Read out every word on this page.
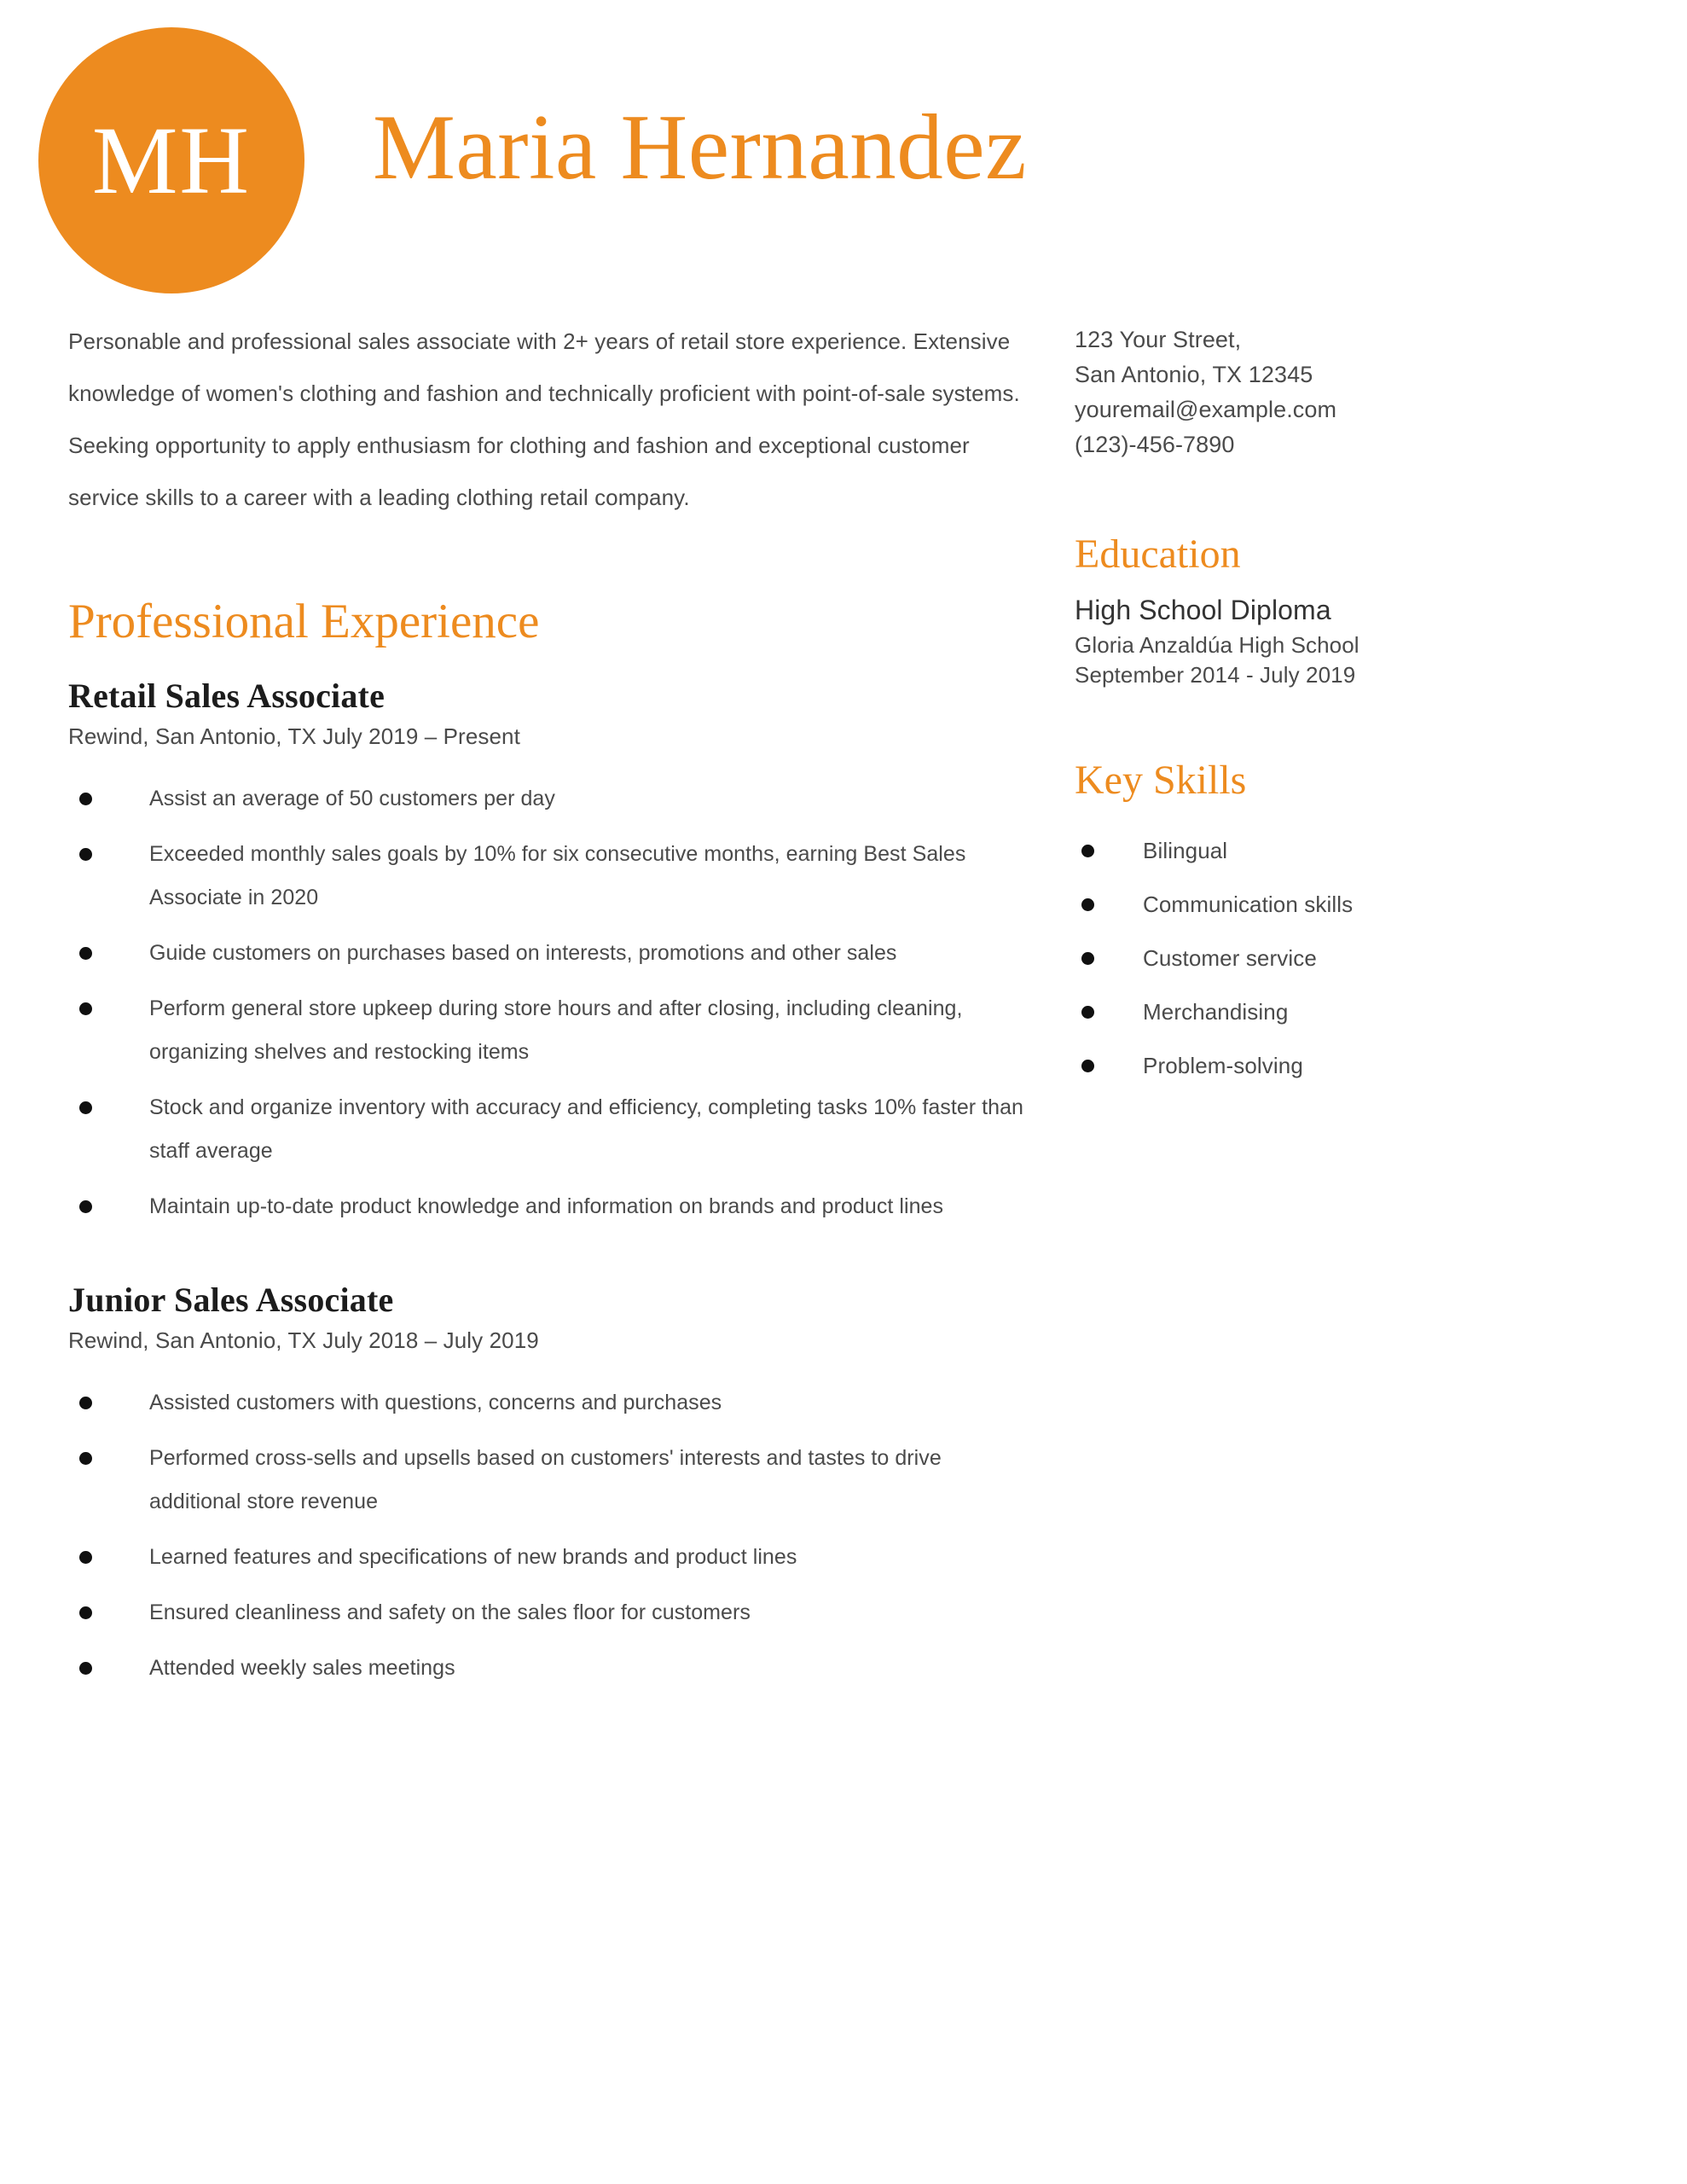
MH Maria Hernandez

Personable and professional sales associate with 2+ years of retail store experience. Extensive knowledge of women's clothing and fashion and technically proficient with point-of-sale systems. Seeking opportunity to apply enthusiasm for clothing and fashion and exceptional customer service skills to a career with a leading clothing retail company.

Professional Experience
Retail Sales Associate

Rewind, San Antonio, TX July 2019 – Present

Assist an average of 50 customers per day
Exceeded monthly sales goals by 10% for six consecutive months, earning Best Sales Associate in 2020
Guide customers on purchases based on interests, promotions and other sales
Perform general store upkeep during store hours and after closing, including cleaning, organizing shelves and restocking items
Stock and organize inventory with accuracy and efficiency, completing tasks 10% faster than staff average
Maintain up-to-date product knowledge and information on brands and product lines
Junior Sales Associate

Rewind, San Antonio, TX July 2018 – July 2019

Assisted customers with questions, concerns and purchases
Performed cross-sells and upsells based on customers' interests and tastes to drive additional store revenue
Learned features and specifications of new brands and product lines
Ensured cleanliness and safety on the sales floor for customers
Attended weekly sales meetings
123 Your Street,
San Antonio, TX 12345
youremail@example.com
(123)-456-7890
Education

High School Diploma

Gloria Anzaldúa High School

September 2014 - July 2019

Key Skills
Bilingual
Communication skills
Customer service
Merchandising
Problem-solving
